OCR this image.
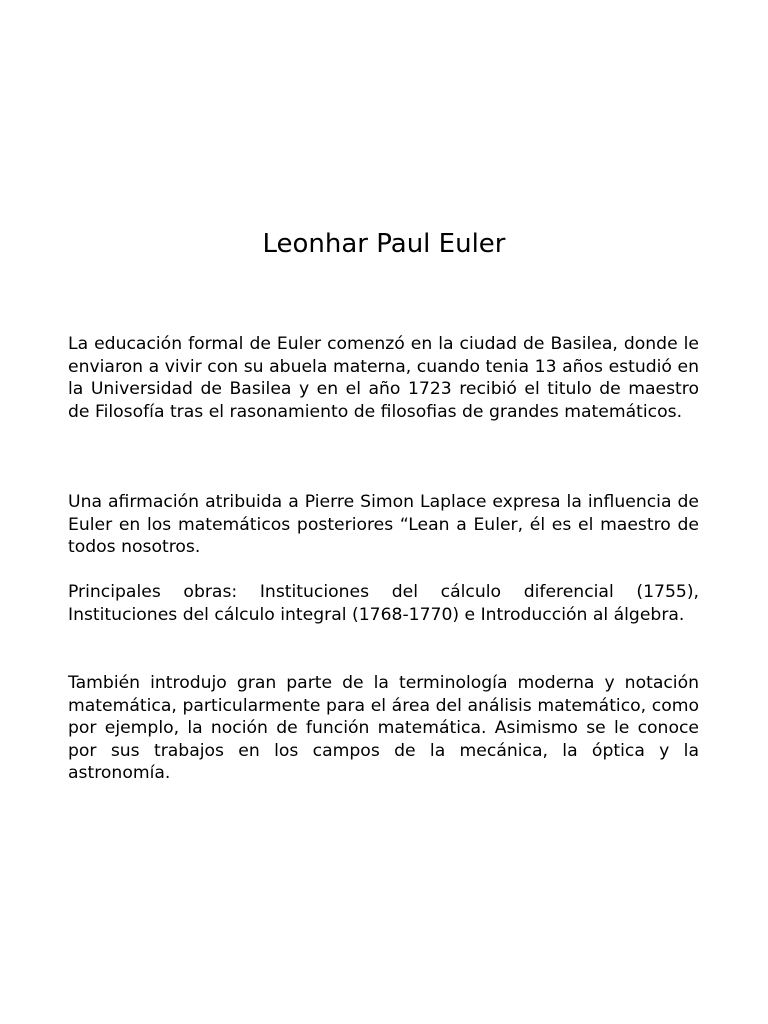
Leonhar Paul Euler

La educación formal de Euler comenzó en la ciudad de Basilea, donde le enviaron a vivir con su abuela materna, cuando tenia 13 años estudió en la Universidad de Basilea y en el año 1723 recibió el titulo de maestro de Filosofía tras el rasonamiento de filosofias de grandes matemáticos.

Una afirmación atribuida a Pierre Simon Laplace expresa la influencia de Euler en los matemáticos posteriores “Lean a Euler, él es el maestro de todos nosotros.

Principales obras: Instituciones del cálculo diferencial (1755), Instituciones del cálculo integral (1768-1770) e Introducción al álgebra.

También introdujo gran parte de la terminología moderna y notación matemática, particularmente para el área del análisis matemático, como por ejemplo, la noción de función matemática. Asimismo se le conoce por sus trabajos en los campos de la mecánica, la óptica y la astronomía.
